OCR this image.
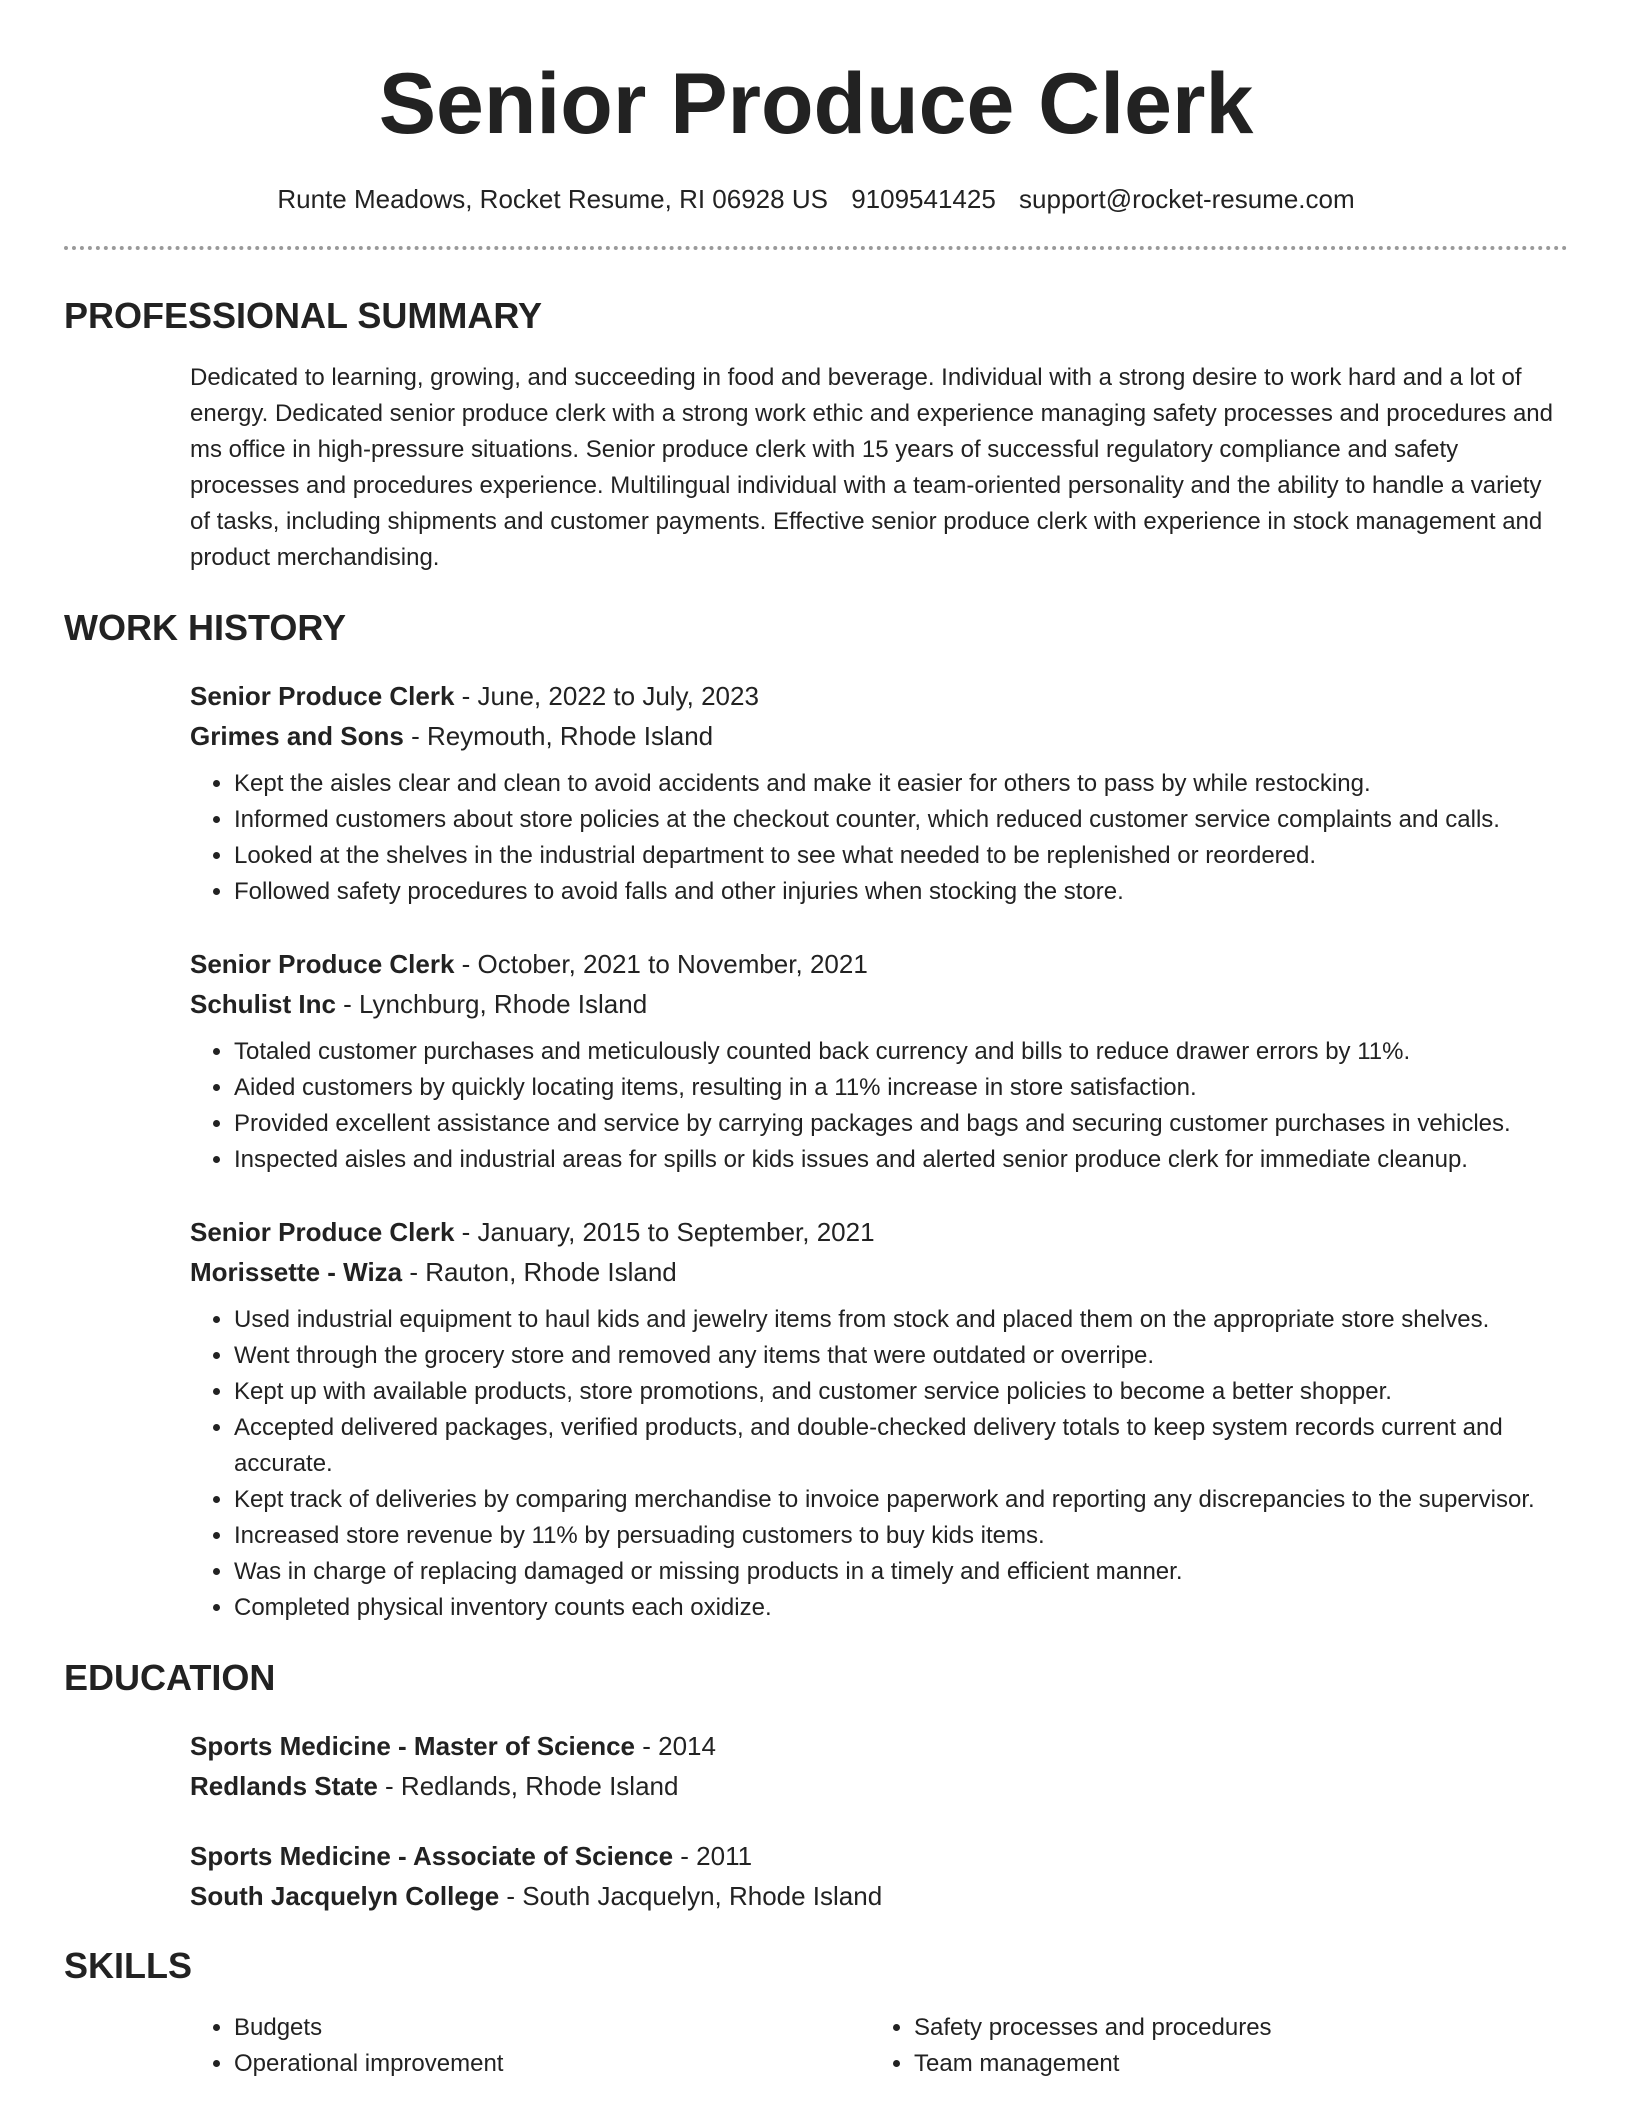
Senior Produce Clerk
Runte Meadows, Rocket Resume, RI 06928 US 9109541425 support@rocket-resume.com
PROFESSIONAL SUMMARY
Dedicated to learning, growing, and succeeding in food and beverage. Individual with a strong desire to work hard and a lot of energy. Dedicated senior produce clerk with a strong work ethic and experience managing safety processes and procedures and ms office in high-pressure situations. Senior produce clerk with 15 years of successful regulatory compliance and safety processes and procedures experience. Multilingual individual with a team-oriented personality and the ability to handle a variety of tasks, including shipments and customer payments. Effective senior produce clerk with experience in stock management and product merchandising.
WORK HISTORY
Senior Produce Clerk - June, 2022 to July, 2023
Grimes and Sons - Reymouth, Rhode Island
• Kept the aisles clear and clean to avoid accidents and make it easier for others to pass by while restocking.
• Informed customers about store policies at the checkout counter, which reduced customer service complaints and calls.
• Looked at the shelves in the industrial department to see what needed to be replenished or reordered.
• Followed safety procedures to avoid falls and other injuries when stocking the store.
Senior Produce Clerk - October, 2021 to November, 2021
Schulist Inc - Lynchburg, Rhode Island
• Totaled customer purchases and meticulously counted back currency and bills to reduce drawer errors by 11%.
• Aided customers by quickly locating items, resulting in a 11% increase in store satisfaction.
• Provided excellent assistance and service by carrying packages and bags and securing customer purchases in vehicles.
• Inspected aisles and industrial areas for spills or kids issues and alerted senior produce clerk for immediate cleanup.
Senior Produce Clerk - January, 2015 to September, 2021
Morissette - Wiza - Rauton, Rhode Island
• Used industrial equipment to haul kids and jewelry items from stock and placed them on the appropriate store shelves.
• Went through the grocery store and removed any items that were outdated or overripe.
• Kept up with available products, store promotions, and customer service policies to become a better shopper.
• Accepted delivered packages, verified products, and double-checked delivery totals to keep system records current and accurate.
• Kept track of deliveries by comparing merchandise to invoice paperwork and reporting any discrepancies to the supervisor.
• Increased store revenue by 11% by persuading customers to buy kids items.
• Was in charge of replacing damaged or missing products in a timely and efficient manner.
• Completed physical inventory counts each oxidize.
EDUCATION
Sports Medicine - Master of Science - 2014
Redlands State - Redlands, Rhode Island
Sports Medicine - Associate of Science - 2011
South Jacquelyn College - South Jacquelyn, Rhode Island
SKILLS
• Budgets
• Operational improvement
• Safety processes and procedures
• Team management
